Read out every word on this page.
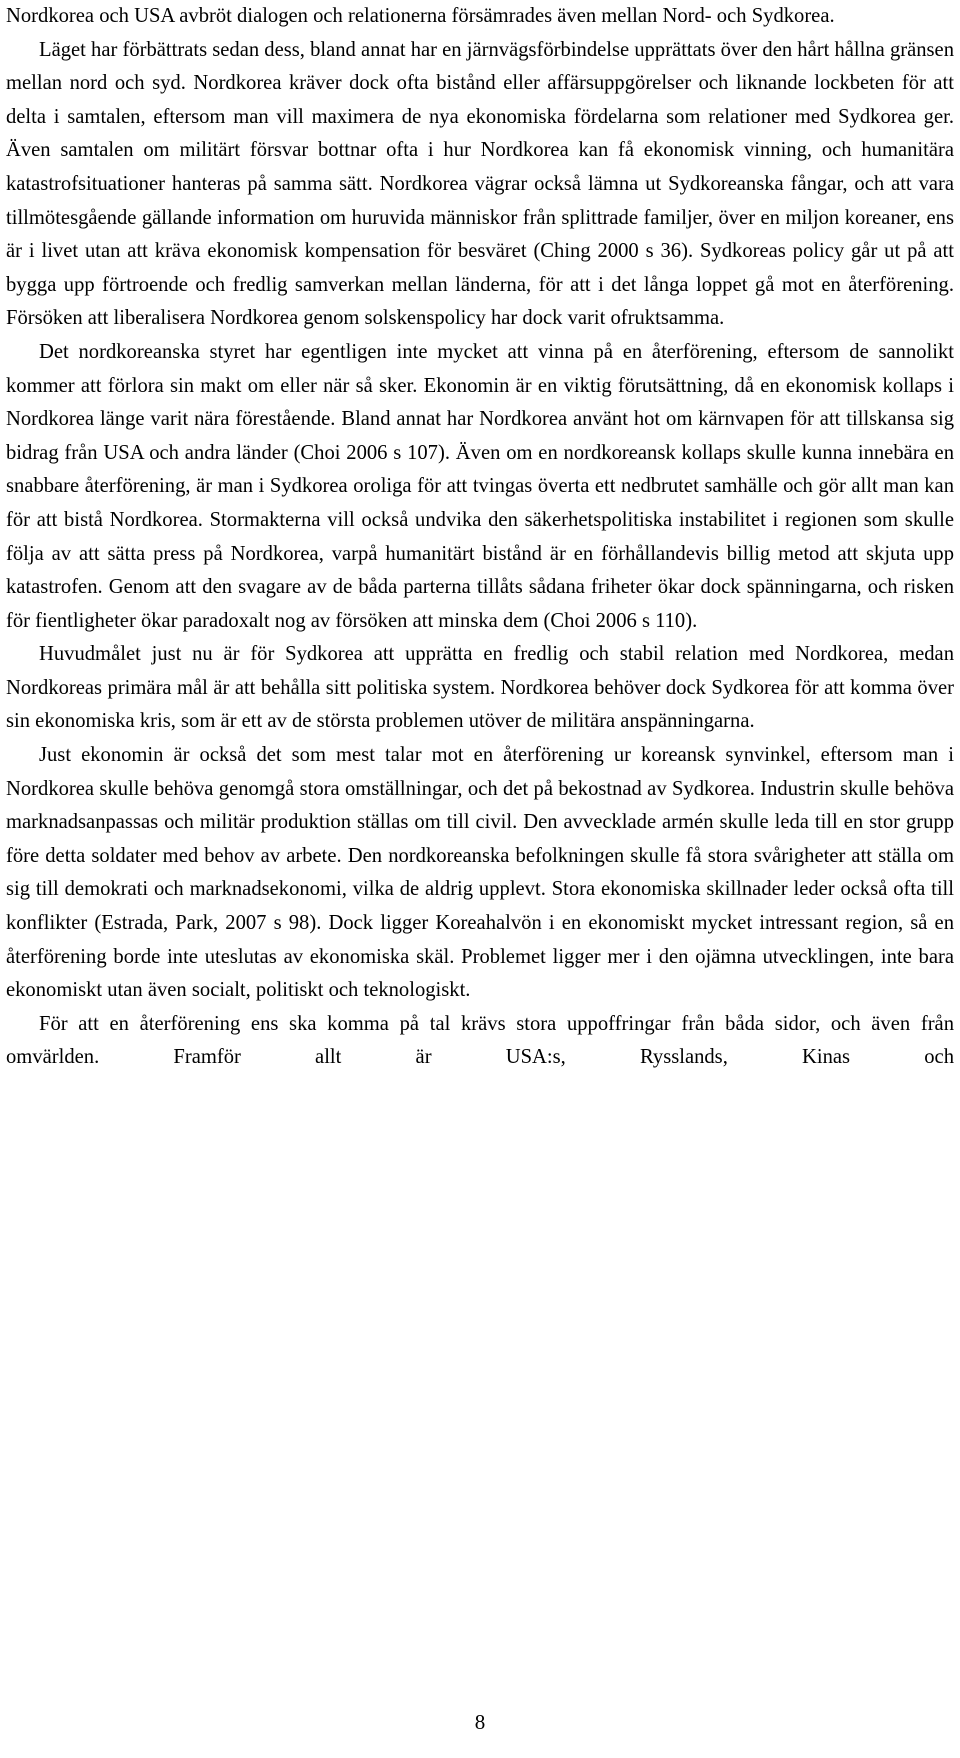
Nordkorea och USA avbröt dialogen och relationerna försämrades även mellan Nord- och Sydkorea.

Läget har förbättrats sedan dess, bland annat har en järnvägsförbindelse upprättats över den hårt hållna gränsen mellan nord och syd. Nordkorea kräver dock ofta bistånd eller affärsuppgörelser och liknande lockbeten för att delta i samtalen, eftersom man vill maximera de nya ekonomiska fördelarna som relationer med Sydkorea ger. Även samtalen om militärt försvar bottnar ofta i hur Nordkorea kan få ekonomisk vinning, och humanitära katastrofsituationer hanteras på samma sätt. Nordkorea vägrar också lämna ut Sydkoreanska fångar, och att vara tillmötesgående gällande information om huruvida människor från splittrade familjer, över en miljon koreaner, ens är i livet utan att kräva ekonomisk kompensation för besväret (Ching 2000 s 36). Sydkoreas policy går ut på att bygga upp förtroende och fredlig samverkan mellan länderna, för att i det långa loppet gå mot en återförening. Försöken att liberalisera Nordkorea genom solskenspolicy har dock varit ofruktsamma.

Det nordkoreanska styret har egentligen inte mycket att vinna på en återförening, eftersom de sannolikt kommer att förlora sin makt om eller när så sker. Ekonomin är en viktig förutsättning, då en ekonomisk kollaps i Nordkorea länge varit nära förestående. Bland annat har Nordkorea använt hot om kärnvapen för att tillskansa sig bidrag från USA och andra länder (Choi 2006 s 107). Även om en nordkoreansk kollaps skulle kunna innebära en snabbare återförening, är man i Sydkorea oroliga för att tvingas överta ett nedbrutet samhälle och gör allt man kan för att bistå Nordkorea. Stormakterna vill också undvika den säkerhetspolitiska instabilitet i regionen som skulle följa av att sätta press på Nordkorea, varpå humanitärt bistånd är en förhållandevis billig metod att skjuta upp katastrofen. Genom att den svagare av de båda parterna tillåts sådana friheter ökar dock spänningarna, och risken för fientligheter ökar paradoxalt nog av försöken att minska dem (Choi 2006 s 110).

Huvudmålet just nu är för Sydkorea att upprätta en fredlig och stabil relation med Nordkorea, medan Nordkoreas primära mål är att behålla sitt politiska system. Nordkorea behöver dock Sydkorea för att komma över sin ekonomiska kris, som är ett av de största problemen utöver de militära anspänningarna.

Just ekonomin är också det som mest talar mot en återförening ur koreansk synvinkel, eftersom man i Nordkorea skulle behöva genomgå stora omställningar, och det på bekostnad av Sydkorea. Industrin skulle behöva marknadsanpassas och militär produktion ställas om till civil. Den avvecklade armén skulle leda till en stor grupp före detta soldater med behov av arbete. Den nordkoreanska befolkningen skulle få stora svårigheter att ställa om sig till demokrati och marknadsekonomi, vilka de aldrig upplevt. Stora ekonomiska skillnader leder också ofta till konflikter (Estrada, Park, 2007 s 98). Dock ligger Koreahalvön i en ekonomiskt mycket intressant region, så en återförening borde inte uteslutas av ekonomiska skäl. Problemet ligger mer i den ojämna utvecklingen, inte bara ekonomiskt utan även socialt, politiskt och teknologiskt.

För att en återförening ens ska komma på tal krävs stora uppoffringar från båda sidor, och även från omvärlden. Framför allt är USA:s, Rysslands, Kinas och

8
